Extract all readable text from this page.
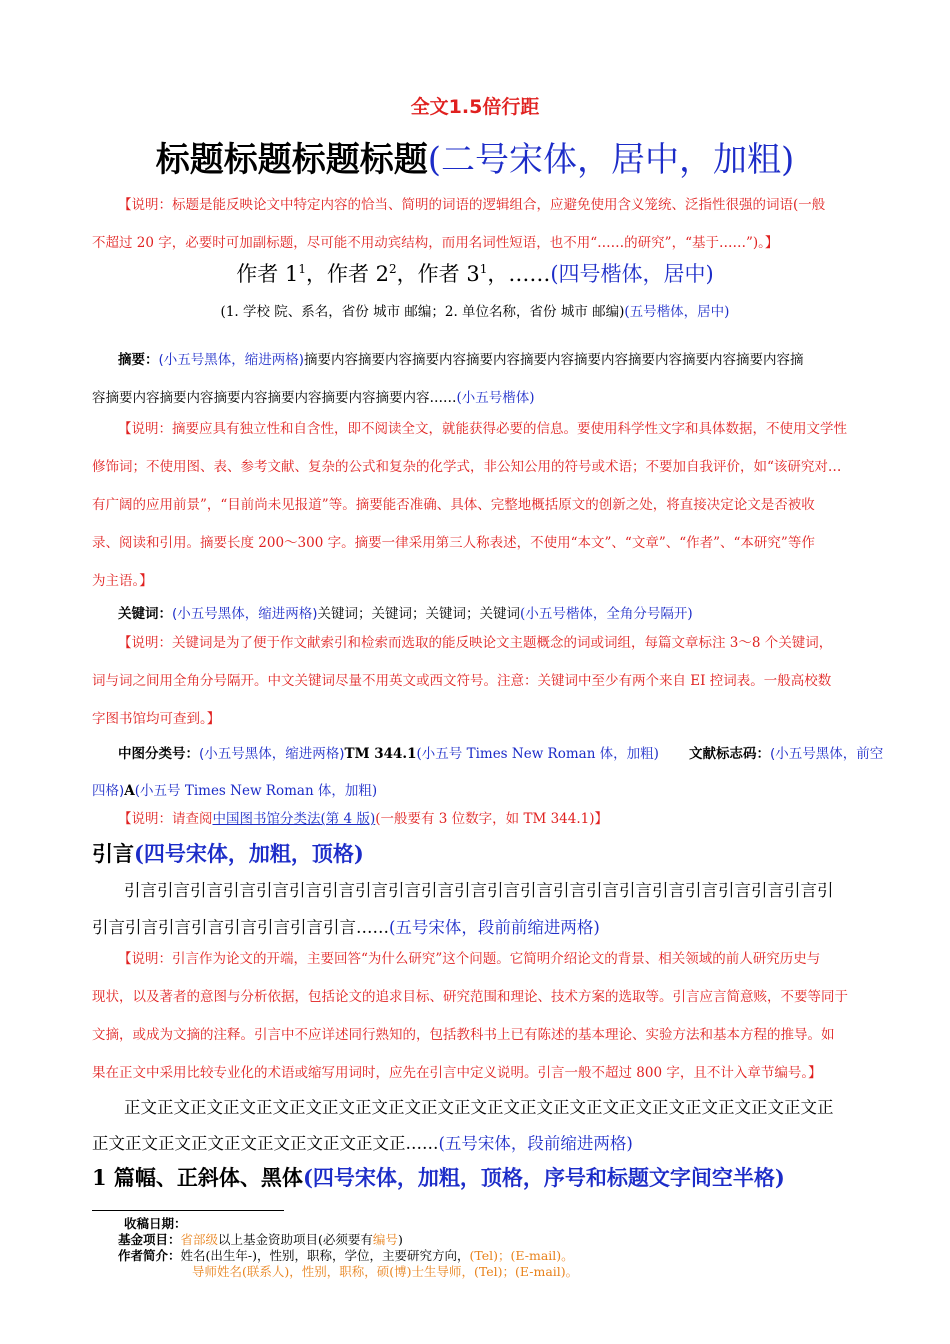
全文1.5倍行距
标题标题标题标题(二号宋体，居中，加粗)
【说明：标题是能反映论文中特定内容的恰当、简明的词语的逻辑组合，应避免使用含义笼统、泛指性很强的词语(一般
不超过 20 字，必要时可加副标题，尽可能不用动宾结构，而用名词性短语，也不用“……的研究”，“基于……”)。】
作者 $1^1$，作者 $2^2$，作者 $3^1$，……(四号楷体，居中)
(1. 学校 院、系名，省份 城市 邮编；2. 单位名称，省份 城市 邮编)(五号楷体，居中)
摘要：(小五号黑体，缩进两格)摘要内容摘要内容摘要内容摘要内容摘要内容摘要内容摘要内容摘要内容摘要内容摘
容摘要内容摘要内容摘要内容摘要内容摘要内容摘要内容……(小五号楷体)
【说明：摘要应具有独立性和自含性，即不阅读全文，就能获得必要的信息。要使用科学性文字和具体数据，不使用文学性
修饰词；不使用图、表、参考文献、复杂的公式和复杂的化学式，非公知公用的符号或术语；不要加自我评价，如“该研究对…
有广阔的应用前景”，“目前尚未见报道”等。摘要能否准确、具体、完整地概括原文的创新之处，将直接决定论文是否被收
录、阅读和引用。摘要长度 200～300 字。摘要一律采用第三人称表述，不使用“本文”、“文章”、“作者”、“本研究”等作
为主语。】
关键词：(小五号黑体，缩进两格)关键词；关键词；关键词；关键词(小五号楷体，全角分号隔开)
【说明：关键词是为了便于作文献索引和检索而选取的能反映论文主题概念的词或词组，每篇文章标注 3～8 个关键词，
词与词之间用全角分号隔开。中文关键词尽量不用英文或西文符号。注意：关键词中至少有两个来自 EI 控词表。一般高校数
字图书馆均可查到。】
中图分类号：(小五号黑体，缩进两格)TM 344.1(小五号 Times New Roman 体，加粗) 文献标志码：(小五号黑体，前空
四格)A(小五号 Times New Roman 体，加粗)
【说明：请查阅中国图书馆分类法(第 4 版)(一般要有 3 位数字，如 TM 344.1)】
引言(四号宋体，加粗，顶格)
引言引言引言引言引言引言引言引言引言引言引言引言引言引言引言引言引言引言引言引言引言引
引言引言引言引言引言引言引言引言……(五号宋体，段前前缩进两格)
【说明：引言作为论文的开端，主要回答“为什么研究”这个问题。它简明介绍论文的背景、相关领域的前人研究历史与
现状，以及著者的意图与分析依据，包括论文的追求目标、研究范围和理论、技术方案的选取等。引言应言简意赅，不要等同于
文摘，或成为文摘的注释。引言中不应详述同行熟知的，包括教科书上已有陈述的基本理论、实验方法和基本方程的推导。如
果在正文中采用比较专业化的术语或缩写用词时，应先在引言中定义说明。引言一般不超过 800 字，且不计入章节编号。】
正文正文正文正文正文正文正文正文正文正文正文正文正文正文正文正文正文正文正文正文正文正
正文正文正文正文正文正文正文正文正文正……(五号宋体，段前缩进两格)
1 篇幅、正斜体、黑体(四号宋体，加粗，顶格，序号和标题文字间空半格)
收稿日期：
基金项目：省部级以上基金资助项目(必须要有编号)
作者简介：姓名(出生年-)，性别，职称，学位，主要研究方向，(Tel)；(E-mail)。
导师姓名(联系人)，性别，职称，硕(博)士生导师，(Tel)；(E-mail)。
